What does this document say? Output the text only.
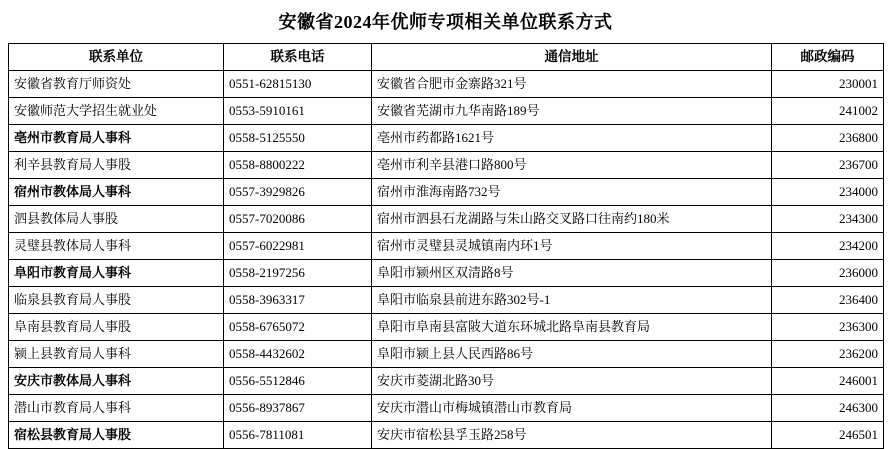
安徽省2024年优师专项相关单位联系方式
联系单位	联系电话	通信地址	邮政编码
安徽省教育厅师资处	0551-62815130	安徽省合肥市金寨路321号	230001
安徽师范大学招生就业处	0553-5910161	安徽省芜湖市九华南路189号	241002
亳州市教育局人事科	0558-5125550	亳州市药都路1621号	236800
利辛县教育局人事股	0558-8800222	亳州市利辛县港口路800号	236700
宿州市教体局人事科	0557-3929826	宿州市淮海南路732号	234000
泗县教体局人事股	0557-7020086	宿州市泗县石龙湖路与朱山路交叉路口往南约180米	234300
灵璧县教体局人事科	0557-6022981	宿州市灵璧县灵城镇南内环1号	234200
阜阳市教育局人事科	0558-2197256	阜阳市颍州区双清路8号	236000
临泉县教育局人事股	0558-3963317	阜阳市临泉县前进东路302号-1	236400
阜南县教育局人事股	0558-6765072	阜阳市阜南县富陂大道东环城北路阜南县教育局	236300
颍上县教育局人事科	0558-4432602	阜阳市颍上县人民西路86号	236200
安庆市教体局人事科	0556-5512846	安庆市菱湖北路30号	246001
潜山市教育局人事科	0556-8937867	安庆市潜山市梅城镇潜山市教育局	246300
宿松县教育局人事股	0556-7811081	安庆市宿松县孚玉路258号	246501
